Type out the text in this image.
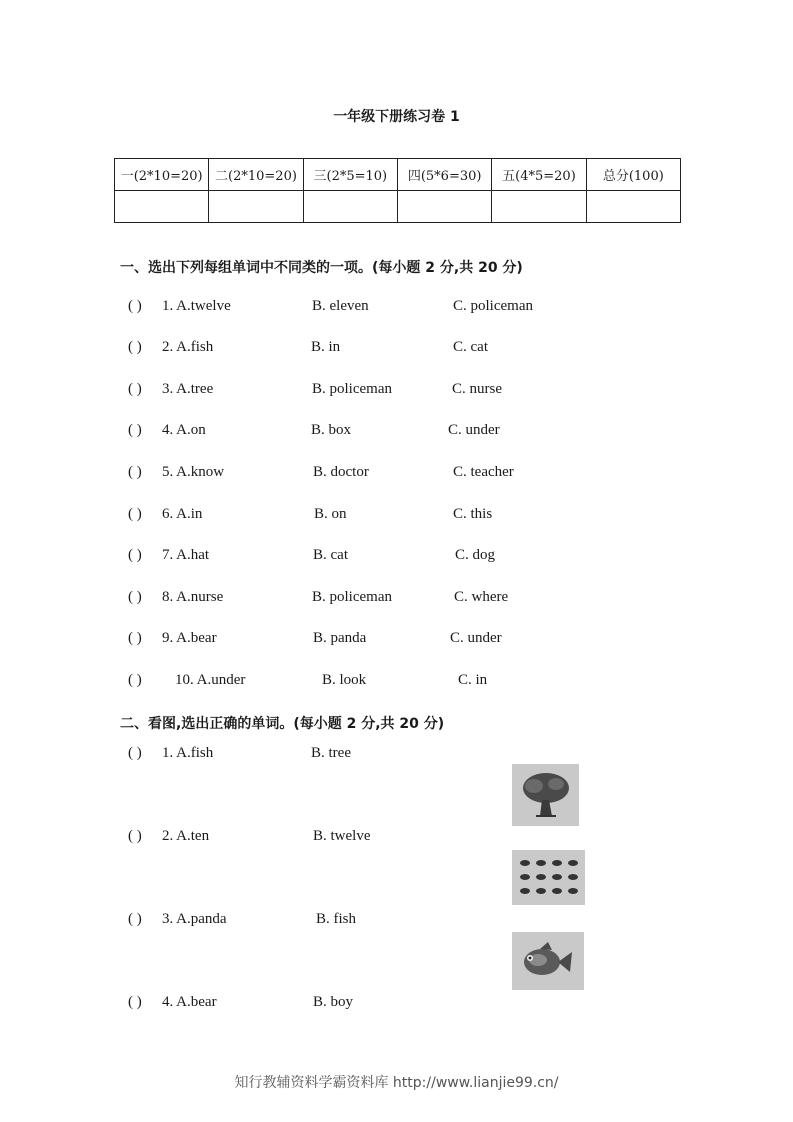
一年级下册练习卷 1
一(2*10=20)	二(2*10=20)	三(2*5=10)	四(5*6=30)	五(4*5=20)	总分(100)

一、选出下列每组单词中不同类的一项。(每小题 2 分,共 20 分)
( ) 1. A.twelve	B. eleven	C. policeman
( ) 2. A.fish	B. in	C. cat
( ) 3. A.tree	B. policeman	C. nurse
( ) 4. A.on	B. box	C. under
( ) 5. A.know	B. doctor	C. teacher
( ) 6. A.in	B. on	C. this
( ) 7. A.hat	B. cat	C. dog
( ) 8. A.nurse	B. policeman	C. where
( ) 9. A.bear	B. panda	C. under
( ) 10. A.under	B. look	C. in
二、看图,选出正确的单词。(每小题 2 分,共 20 分)
( ) 1. A.fish	B. tree
( ) 2. A.ten	B. twelve
( ) 3. A.panda	B. fish
( ) 4. A.bear	B. boy
知行教辅资料学霸资料库 http://www.lianjie99.cn/
